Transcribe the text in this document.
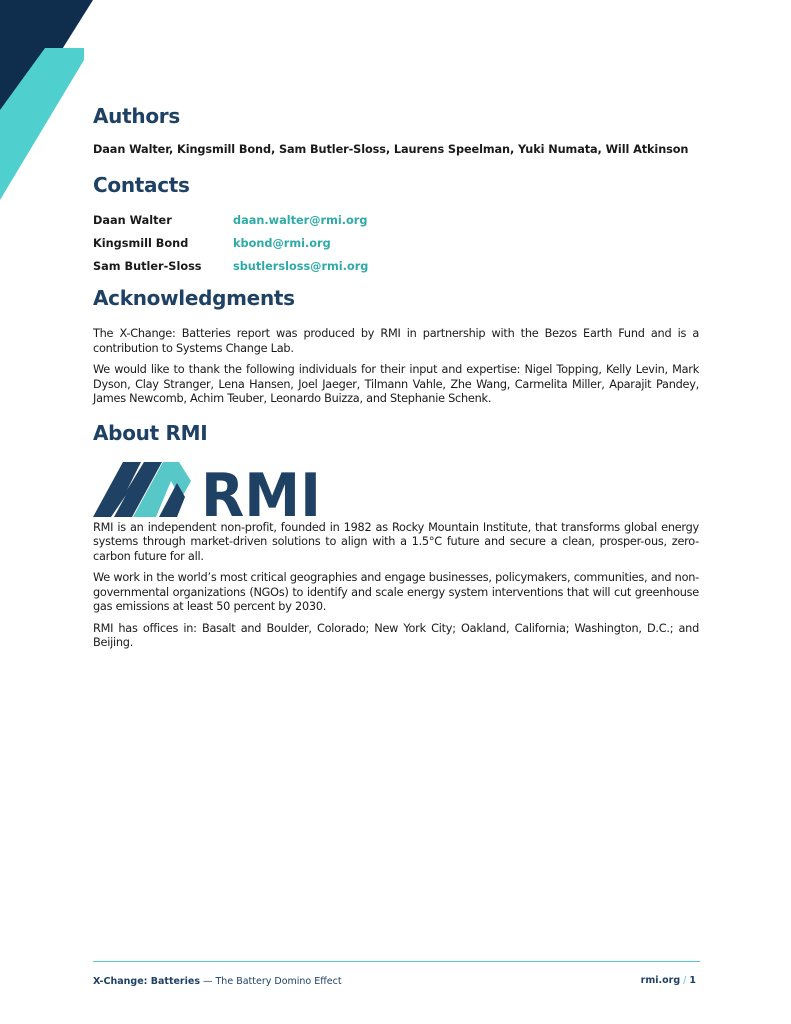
Authors

Daan Walter, Kingsmill Bond, Sam Butler-Sloss, Laurens Speelman, Yuki Numata, Will Atkinson

Contacts
Daan Walter	daan.walter@rmi.org
Kingsmill Bond	kbond@rmi.org
Sam Butler-Sloss	sbutlersloss@rmi.org
Acknowledgments

The X-Change: Batteries report was produced by RMI in partnership with the Bezos Earth Fund and is a contribution to Systems Change Lab.

We would like to thank the following individuals for their input and expertise: Nigel Topping, Kelly Levin, Mark Dyson, Clay Stranger, Lena Hansen, Joel Jaeger, Tilmann Vahle, Zhe Wang, Carmelita Miller, Aparajit Pandey, James Newcomb, Achim Teuber, Leonardo Buizza, and Stephanie Schenk.

About RMI
RMI

RMI is an independent non-profit, founded in 1982 as Rocky Mountain Institute, that transforms global energy systems through market-driven solutions to align with a 1.5°C future and secure a clean, prosper-ous, zero-carbon future for all.

We work in the world’s most critical geographies and engage businesses, policymakers, communities, and non-governmental organizations (NGOs) to identify and scale energy system interventions that will cut greenhouse gas emissions at least 50 percent by 2030.

RMI has offices in: Basalt and Boulder, Colorado; New York City; Oakland, California; Washington, D.C.; and Beijing.

X-Change: Batteries — The Battery Domino Effect	rmi.org / 1
